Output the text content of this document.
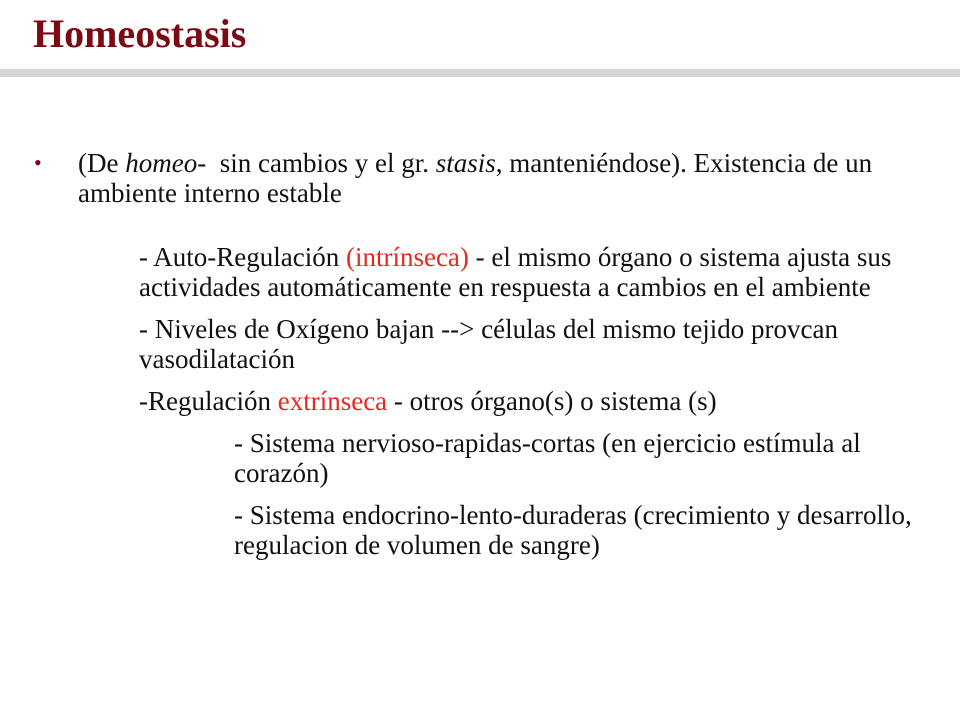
Homeostasis
• (De homeo-  sin cambios y el gr. stasis, manteniéndose). Existencia de un ambiente interno estable

- Auto-Regulación (intrínseca) - el mismo órgano o sistema ajusta sus actividades automáticamente en respuesta a cambios en el ambiente

- Niveles de Oxígeno bajan --> células del mismo tejido provcan vasodilatación

-Regulación extrínseca - otros órgano(s) o sistema (s)

- Sistema nervioso-rapidas-cortas (en ejercicio estímula al corazón)

- Sistema endocrino-lento-duraderas (crecimiento y desarrollo, regulacion de volumen de sangre)
